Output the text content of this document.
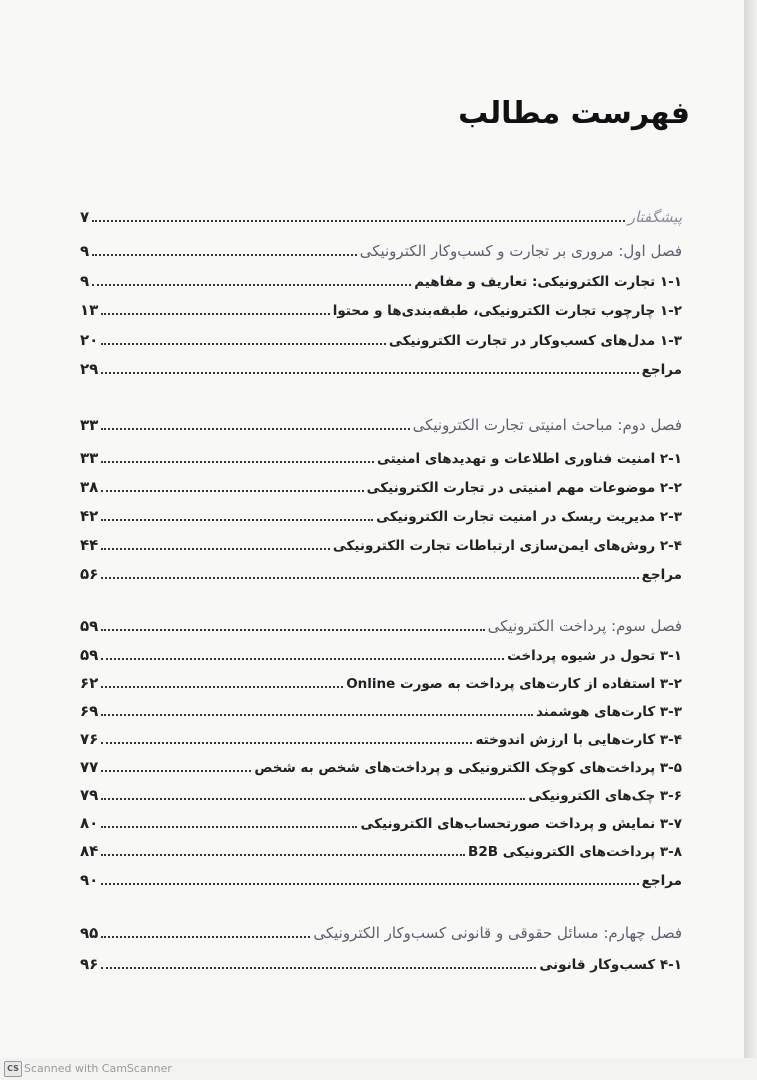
فهرست مطالب
پیشگفتار
۷
فصل اول: مروری بر تجارت و کسب‌وکار الکترونیکی
۹
۱-۱ تجارت الکترونیکی: تعاریف و مفاهیم
۹
۱-۲ چارچوب تجارت الکترونیکی، طبقه‌بندی‌ها و محتوا
۱۳
۱-۳ مدل‌های کسب‌وکار در تجارت الکترونیکی
۲۰
مراجع
۲۹
فصل دوم: مباحث امنیتی تجارت الکترونیکی
۳۳
۲-۱ امنیت فناوری اطلاعات و تهدیدهای امنیتی
۳۳
۲-۲ موضوعات مهم امنیتی در تجارت الکترونیکی
۳۸
۲-۳ مدیریت ریسک در امنیت تجارت الکترونیکی
۴۲
۲-۴ روش‌های ایمن‌سازی ارتباطات تجارت الکترونیکی
۴۴
مراجع
۵۶
فصل سوم: پرداخت الکترونیکی
۵۹
۳-۱ تحول در شیوه پرداخت
۵۹
۳-۲ استفاده از کارت‌های پرداخت به صورت Online
۶۲
۳-۳ کارت‌های هوشمند
۶۹
۳-۴ کارت‌هایی با ارزش اندوخته
۷۶
۳-۵ پرداخت‌های کوچک الکترونیکی و پرداخت‌های شخص به شخص
۷۷
۳-۶ چک‌های الکترونیکی
۷۹
۳-۷ نمایش و پرداخت صورتحساب‌های الکترونیکی
۸۰
۳-۸ پرداخت‌های الکترونیکی B2B
۸۴
مراجع
۹۰
فصل چهارم: مسائل حقوقی و قانونی کسب‌وکار الکترونیکی
۹۵
۴-۱ کسب‌وکار قانونی
۹۶
CS Scanned with CamScanner
